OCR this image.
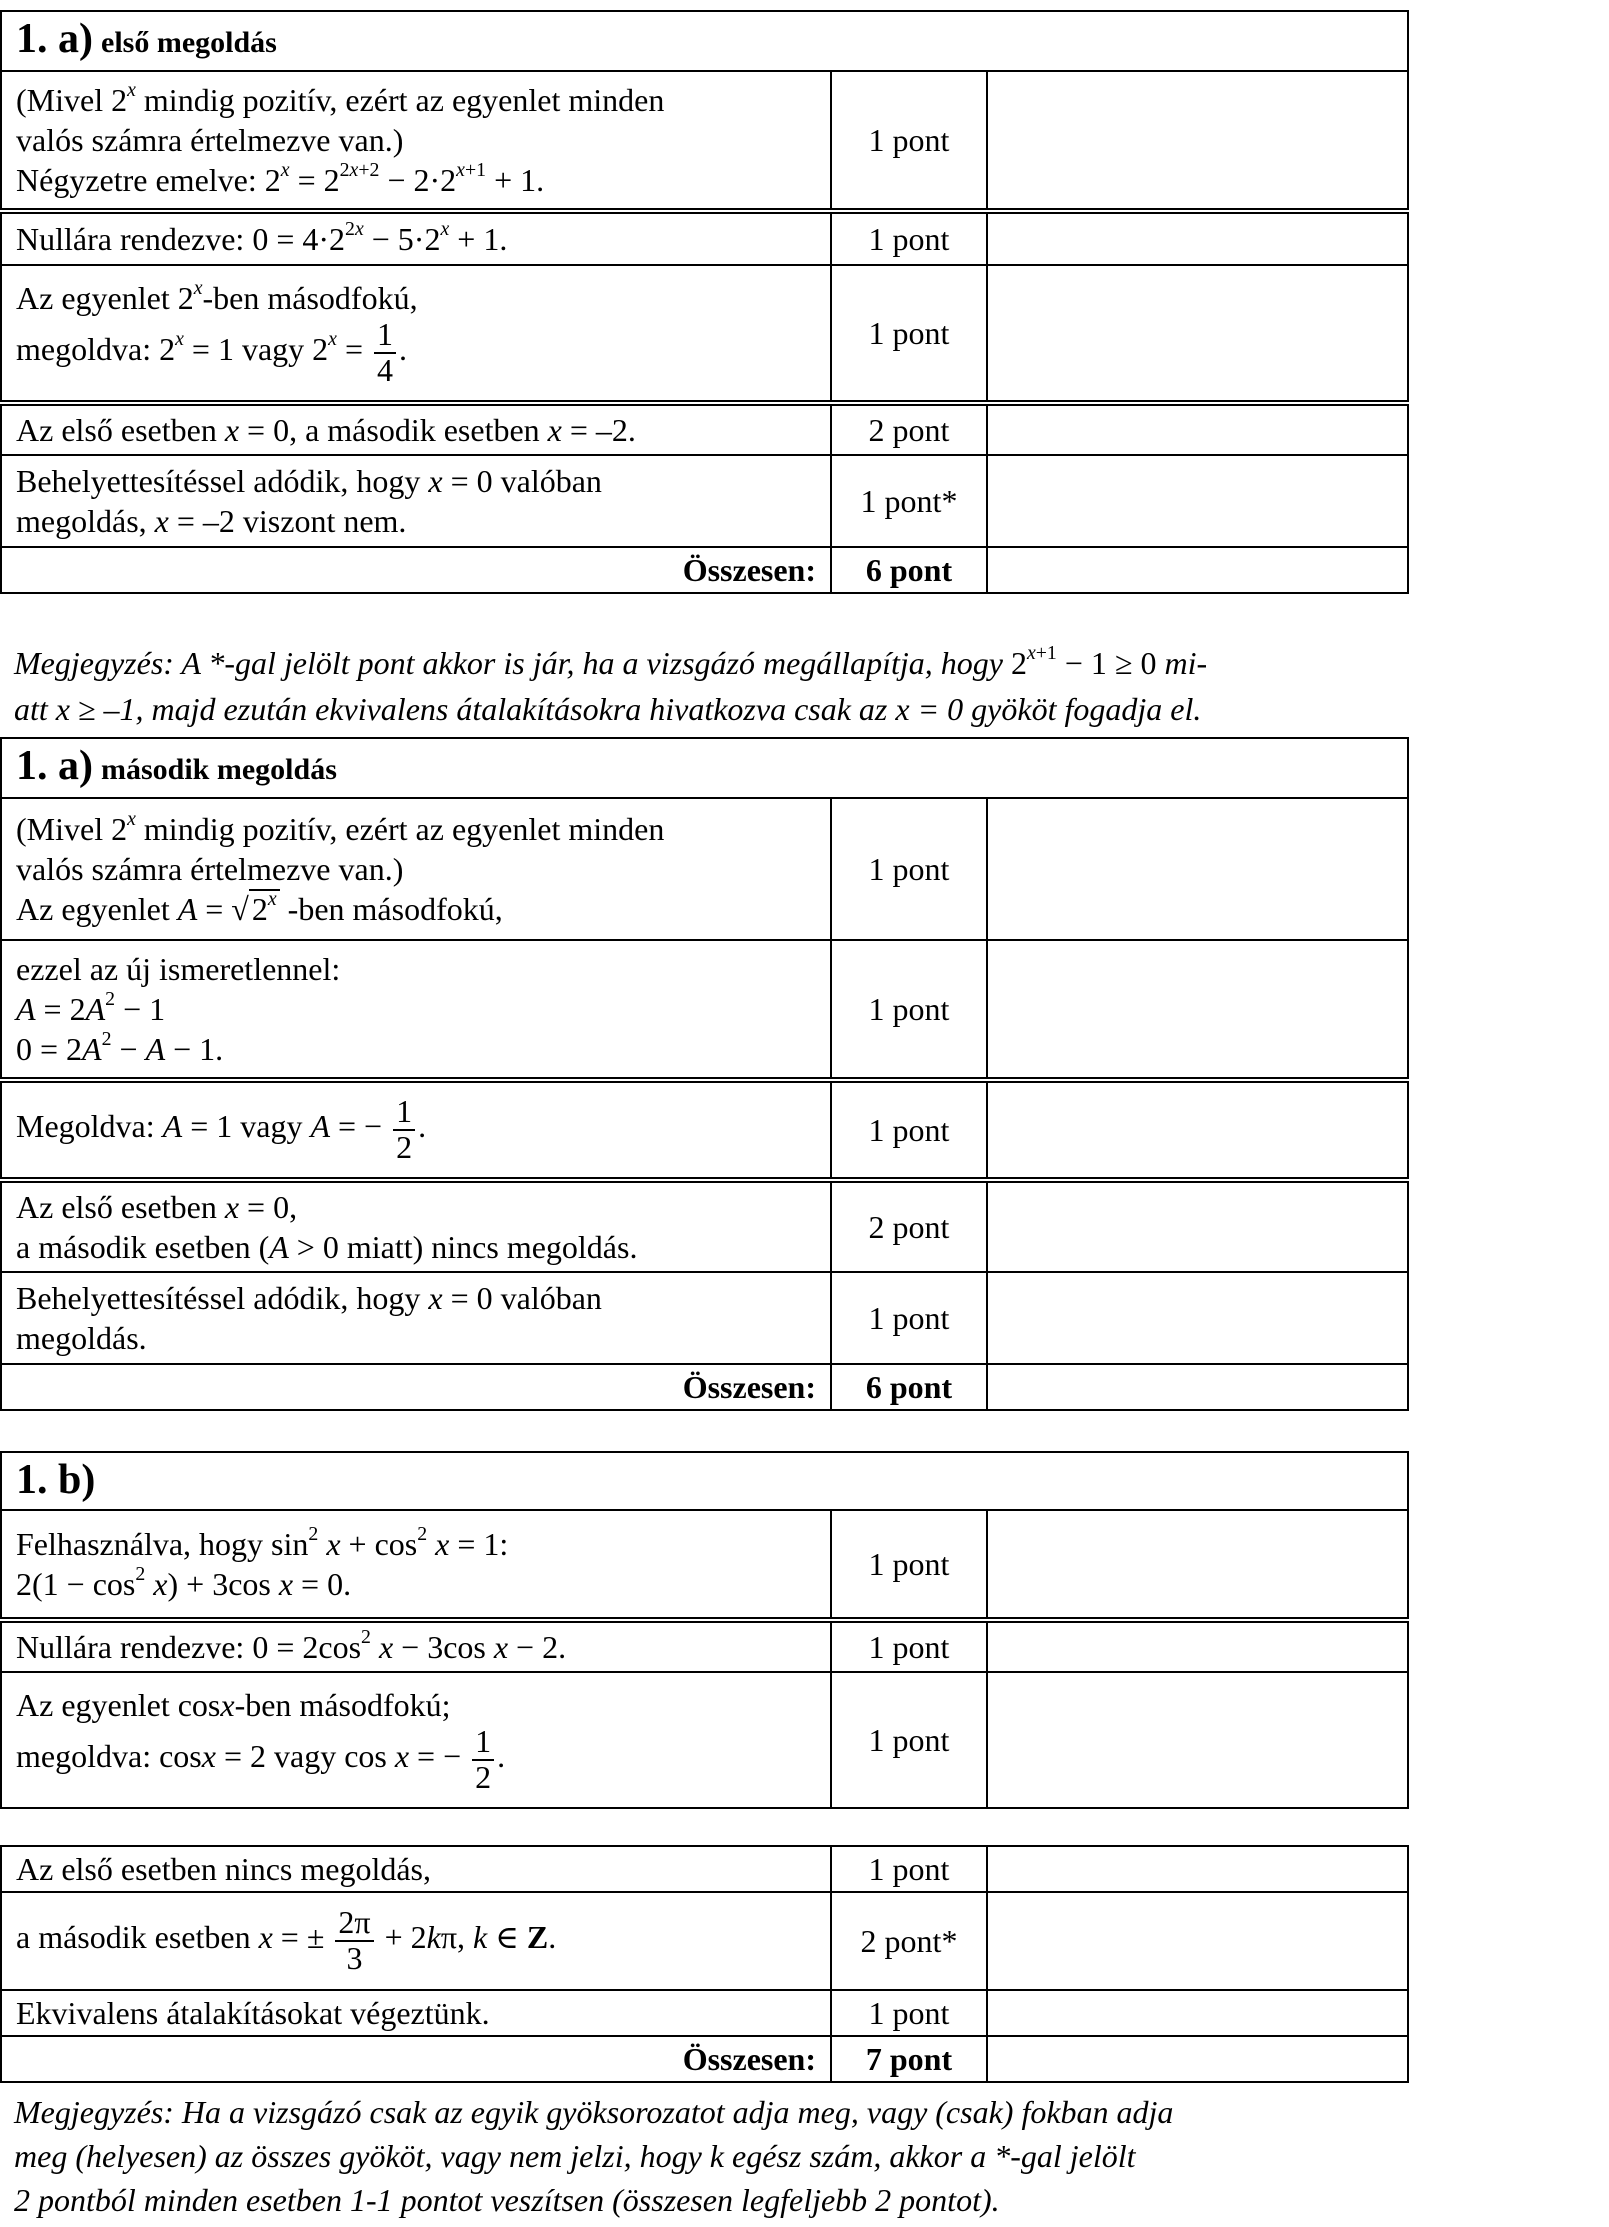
1. a) első megoldás		
(Mivel 2$^x$ mindig pozitív, ezért az egyenlet minden
valós számra értelmezve van.)
Négyzetre emelve: $2^x = 2^{2x+2} - 2\cdot 2^{x+1} + 1$.	1 pont	
Nullára rendezve: $0 = 4\cdot 2^{2x} - 5\cdot 2^x + 1$.	1 pont	
Az egyenlet 2$^x$-ben másodfokú,
megoldva: $2^x = 1$ vagy $2^x = \frac{1}{4}$ .	1 pont	
Az első esetben x = 0, a második esetben x = –2.	2 pont	
Behelyettesítéssel adódik, hogy x = 0 valóban
megoldás, x = –2 viszont nem.	1 pont*	
Összesen:	6 pont	
Megjegyzés: A *-gal jelölt pont akkor is jár, ha a vizsgázó megállapítja, hogy $2^{x+1} - 1 \ge 0$ mi-
att x ≥ –1, majd ezután ekvivalens átalakításokra hivatkozva csak az x = 0 gyököt fogadja el.
1. a) második megoldás		
(Mivel 2$^x$ mindig pozitív, ezért az egyenlet minden
valós számra értelmezve van.)
Az egyenlet $A = √2^x$ -ben másodfokú,	1 pont	
ezzel az új ismeretlennel:
$A = 2A^2 - 1$
$0 = 2A^2 - A - 1$.	1 pont	
Megoldva: A = 1 vagy A = − $\frac{1}{2}$ .	1 pont	
Az első esetben x = 0,
a második esetben (A > 0 miatt) nincs megoldás.	2 pont	
Behelyettesítéssel adódik, hogy x = 0 valóban
megoldás.	1 pont	
Összesen:	6 pont	
1. b)		
Felhasználva, hogy $\sin^2 x + \cos^2 x = 1$:
$2(1 - \cos^2 x) + 3\cos$ x = 0.	1 pont	
Nullára rendezve: $0 = 2\cos^2$ x − 3cos x − 2.	1 pont	
Az egyenlet cosx-ben másodfokú;
megoldva: cosx = 2 vagy cos x = − $\frac{1}{2}$ .	1 pont	
Az első esetben nincs megoldás,	1 pont	
a második esetben x = ± $\frac{2\pi}{3} + 2k\pi$, k ∈ Z.	2 pont*	
Ekvivalens átalakításokat végeztünk.	1 pont	
Összesen:	7 pont	
Megjegyzés: Ha a vizsgázó csak az egyik gyöksorozatot adja meg, vagy (csak) fokban adja
meg (helyesen) az összes gyököt, vagy nem jelzi, hogy k egész szám, akkor a *-gal jelölt
2 pontból minden esetben 1-1 pontot veszítsen (összesen legfeljebb 2 pontot).
